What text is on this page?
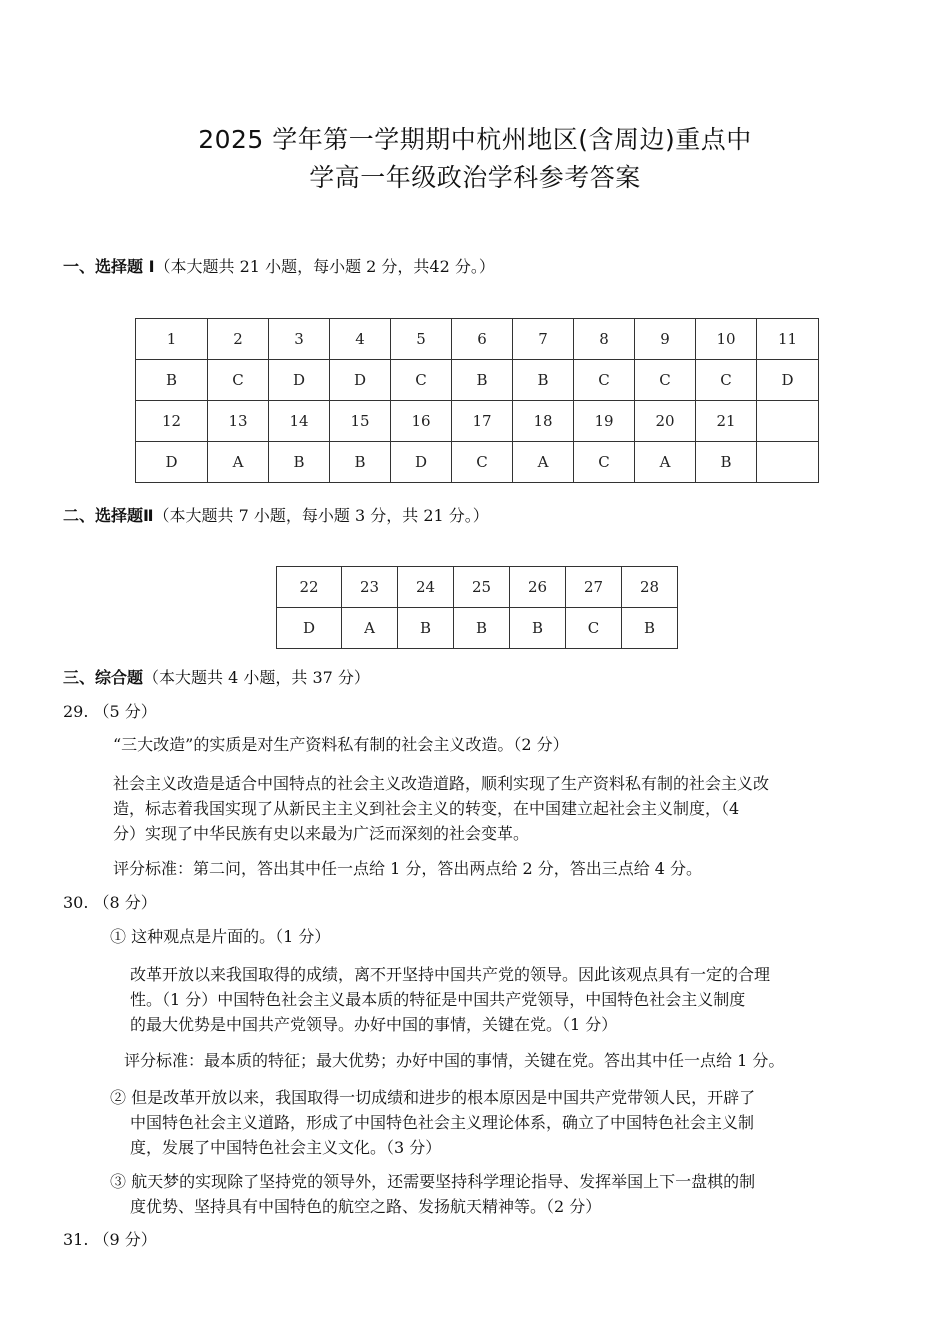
2025 学年第一学期期中杭州地区(含周边)重点中
学高一年级政治学科参考答案
一、选择题 Ⅰ（本大题共 21 小题，每小题 2 分，共42 分。）
1	2	3	4	5	6	7	8	9	10	11
B	C	D	D	C	B	B	C	C	C	D
12	13	14	15	16	17	18	19	20	21	
D	A	B	B	D	C	A	C	A	B	
二、选择题Ⅱ（本大题共 7 小题，每小题 3 分，共 21 分。）
22	23	24	25	26	27	28
D	A	B	B	B	C	B
三、综合题（本大题共 4 小题，共 37 分）
29. （5 分）
“三大改造”的实质是对生产资料私有制的社会主义改造。（2 分）
社会主义改造是适合中国特点的社会主义改造道路，顺利实现了生产资料私有制的社会主义改
造，标志着我国实现了从新民主主义到社会主义的转变，在中国建立起社会主义制度，（4
分）实现了中华民族有史以来最为广泛而深刻的社会变革。
评分标准：第二问，答出其中任一点给 1 分，答出两点给 2 分，答出三点给 4 分。
30. （8 分）
① 这种观点是片面的。（1 分）
改革开放以来我国取得的成绩，离不开坚持中国共产党的领导。因此该观点具有一定的合理
性。（1 分）中国特色社会主义最本质的特征是中国共产党领导，中国特色社会主义制度
的最大优势是中国共产党领导。办好中国的事情，关键在党。（1 分）
评分标准：最本质的特征；最大优势；办好中国的事情，关键在党。答出其中任一点给 1 分。
② 但是改革开放以来，我国取得一切成绩和进步的根本原因是中国共产党带领人民，开辟了
中国特色社会主义道路，形成了中国特色社会主义理论体系，确立了中国特色社会主义制
度，发展了中国特色社会主义文化。（3 分）
③ 航天梦的实现除了坚持党的领导外，还需要坚持科学理论指导、发挥举国上下一盘棋的制
度优势、坚持具有中国特色的航空之路、发扬航天精神等。（2 分）
31. （9 分）
